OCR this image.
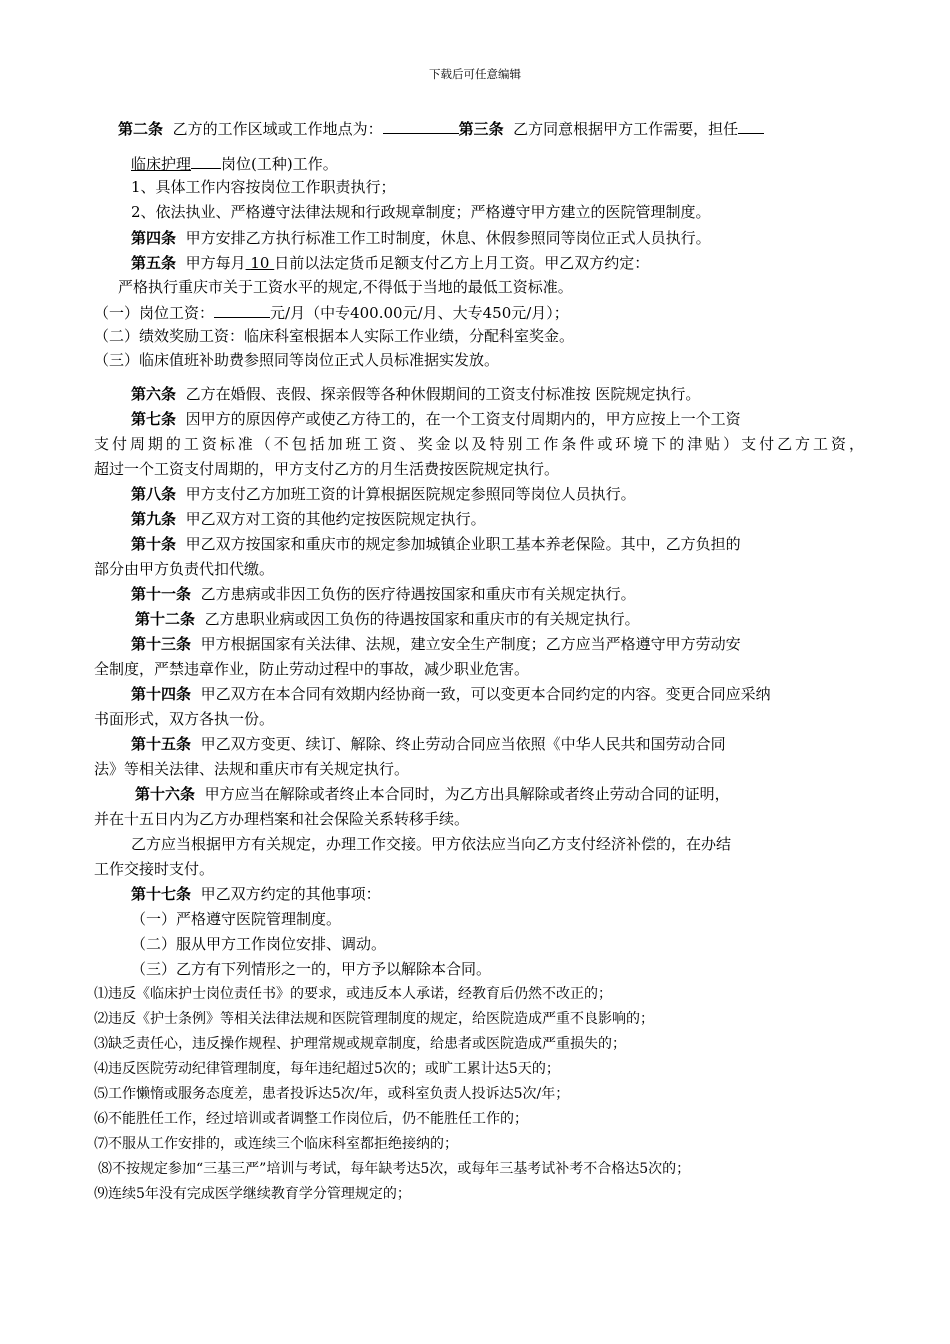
下载后可任意编辑
第二条 乙方的工作区域或工作地点为：	第三条 乙方同意根据甲方工作需要，担任
临床护理 岗位(工种)工作。
1、具体工作内容按岗位工作职责执行；
2、依法执业、严格遵守法律法规和行政规章制度；严格遵守甲方建立的医院管理制度。
第四条 甲方安排乙方执行标准工作工时制度，休息、休假参照同等岗位正式人员执行。
第五条 甲方每月 10 日前以法定货币足额支付乙方上月工资。甲乙双方约定：
严格执行重庆市关于工资水平的规定,不得低于当地的最低工资标准。
（一）岗位工资：	元/月（中专400.00元/月、大专450元/月）；
（二）绩效奖励工资：临床科室根据本人实际工作业绩，分配科室奖金。
（三）临床值班补助费参照同等岗位正式人员标准据实发放。
第六条 乙方在婚假、丧假、探亲假等各种休假期间的工资支付标准按 医院规定执行。
第七条 因甲方的原因停产或使乙方待工的，在一个工资支付周期内的，甲方应按上一个工资
支付周期的工资标准（不包括加班工资、奖金以及特别工作条件或环境下的津贴）支付乙方工资，
超过一个工资支付周期的，甲方支付乙方的月生活费按医院规定执行。
第八条 甲方支付乙方加班工资的计算根据医院规定参照同等岗位人员执行。
第九条 甲乙双方对工资的其他约定按医院规定执行。
第十条 甲乙双方按国家和重庆市的规定参加城镇企业职工基本养老保险。其中，乙方负担的
部分由甲方负责代扣代缴。
第十一条 乙方患病或非因工负伤的医疗待遇按国家和重庆市有关规定执行。
第十二条 乙方患职业病或因工负伤的待遇按国家和重庆市的有关规定执行。
第十三条 甲方根据国家有关法律、法规，建立安全生产制度；乙方应当严格遵守甲方劳动安
全制度，严禁违章作业，防止劳动过程中的事故，减少职业危害。
第十四条 甲乙双方在本合同有效期内经协商一致，可以变更本合同约定的内容。变更合同应采纳
书面形式，双方各执一份。
第十五条 甲乙双方变更、续订、解除、终止劳动合同应当依照《中华人民共和国劳动合同
法》等相关法律、法规和重庆市有关规定执行。
第十六条 甲方应当在解除或者终止本合同时，为乙方出具解除或者终止劳动合同的证明，
并在十五日内为乙方办理档案和社会保险关系转移手续。
乙方应当根据甲方有关规定，办理工作交接。甲方依法应当向乙方支付经济补偿的，在办结
工作交接时支付。
第十七条 甲乙双方约定的其他事项：
（一）严格遵守医院管理制度。
（二）服从甲方工作岗位安排、调动。
（三）乙方有下列情形之一的，甲方予以解除本合同。
⑴违反《临床护士岗位责任书》的要求，或违反本人承诺，经教育后仍然不改正的；
⑵违反《护士条例》等相关法律法规和医院管理制度的规定，给医院造成严重不良影响的；
⑶缺乏责任心，违反操作规程、护理常规或规章制度，给患者或医院造成严重损失的；
⑷违反医院劳动纪律管理制度，每年违纪超过5次的；或旷工累计达5天的；
⑸工作懒惰或服务态度差，患者投诉达5次/年，或科室负责人投诉达5次/年；
⑹不能胜任工作，经过培训或者调整工作岗位后，仍不能胜任工作的；
⑺不服从工作安排的，或连续三个临床科室都拒绝接纳的；
⑻不按规定参加“三基三严”培训与考试，每年缺考达5次，或每年三基考试补考不合格达5次的；
⑼连续5年没有完成医学继续教育学分管理规定的；
